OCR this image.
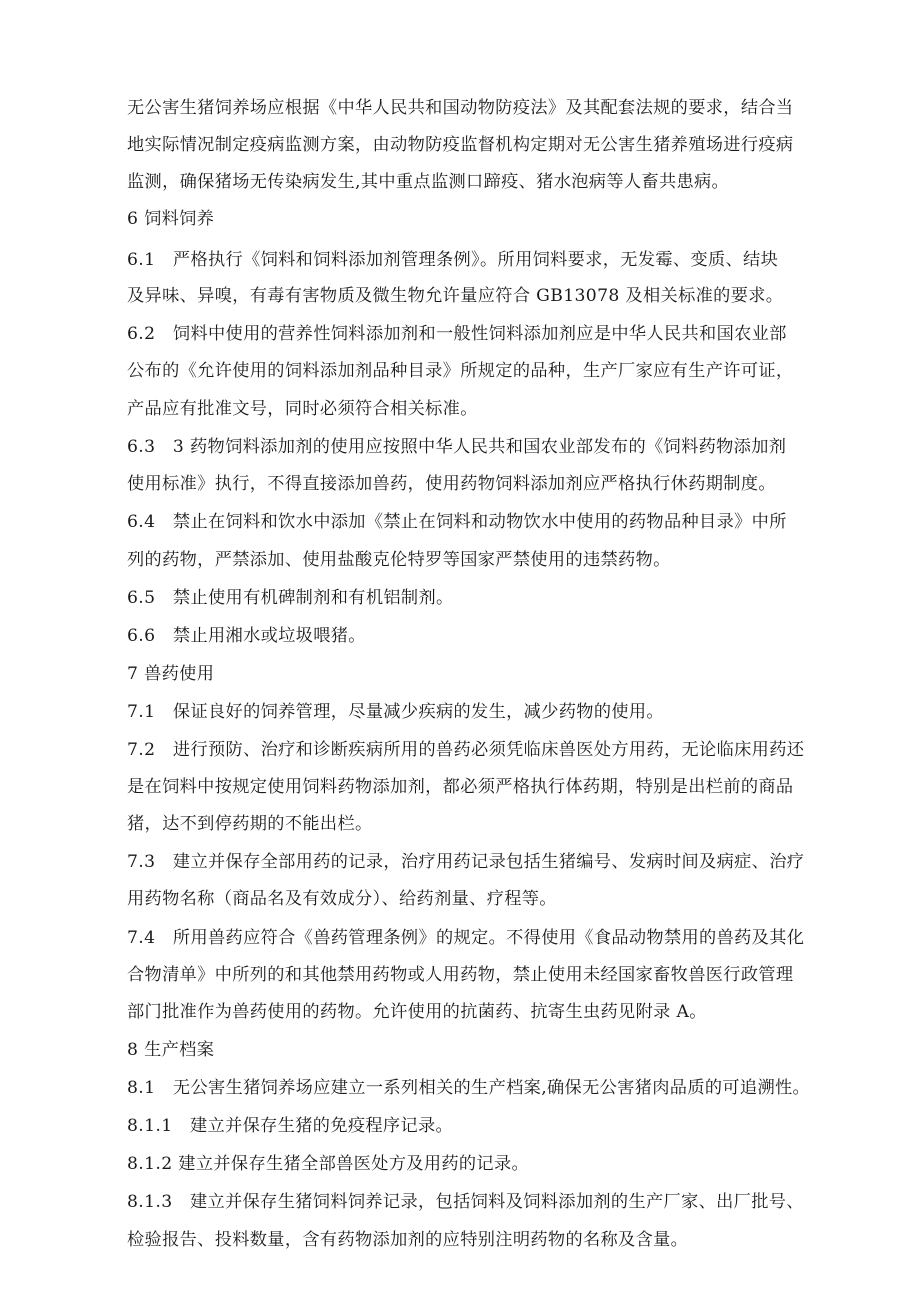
无公害生猪饲养场应根据《中华人民共和国动物防疫法》及其配套法规的要求，结合当
地实际情况制定疫病监测方案，由动物防疫监督机构定期对无公害生猪养殖场进行疫病
监测，确保猪场无传染病发生,其中重点监测口蹄疫、猪水泡病等人畜共患病。
6 饲料饲养
6.1　严格执行《饲料和饲料添加剂管理条例》。所用饲料要求，无发霉、变质、结块
及异味、异嗅，有毒有害物质及微生物允许量应符合 GB13078 及相关标准的要求。
6.2　饲料中使用的营养性饲料添加剂和一般性饲料添加剂应是中华人民共和国农业部
公布的《允许使用的饲料添加剂品种目录》所规定的品种，生产厂家应有生产许可证，
产品应有批准文号，同时必须符合相关标准。
6.3　3 药物饲料添加剂的使用应按照中华人民共和国农业部发布的《饲料药物添加剂
使用标准》执行，不得直接添加兽药，使用药物饲料添加剂应严格执行休药期制度。
6.4　禁止在饲料和饮水中添加《禁止在饲料和动物饮水中使用的药物品种目录》中所
列的药物，严禁添加、使用盐酸克伦特罗等国家严禁使用的违禁药物。
6.5　禁止使用有机碑制剂和有机铝制剂。
6.6　禁止用湘水或垃圾喂猪。
7 兽药使用
7.1　保证良好的饲养管理，尽量减少疾病的发生，减少药物的使用。
7.2　进行预防、治疗和诊断疾病所用的兽药必须凭临床兽医处方用药，无论临床用药还
是在饲料中按规定使用饲料药物添加剂，都必须严格执行体药期，特别是出栏前的商品
猪，达不到停药期的不能出栏。
7.3　建立并保存全部用药的记录，治疗用药记录包括生猪编号、发病时间及病症、治疗
用药物名称（商品名及有效成分）、给药剂量、疗程等。
7.4　所用兽药应符合《兽药管理条例》的规定。不得使用《食品动物禁用的兽药及其化
合物清单》中所列的和其他禁用药物或人用药物，禁止使用未经国家畜牧兽医行政管理
部门批准作为兽药使用的药物。允许使用的抗菌药、抗寄生虫药见附录 A。
8 生产档案
8.1　无公害生猪饲养场应建立一系列相关的生产档案,确保无公害猪肉品质的可追溯性。
8.1.1　建立并保存生猪的免疫程序记录。
8.1.2 建立并保存生猪全部兽医处方及用药的记录。
8.1.3　建立并保存生猪饲料饲养记录，包括饲料及饲料添加剂的生产厂家、出厂批号、
检验报告、投料数量，含有药物添加剂的应特别注明药物的名称及含量。
